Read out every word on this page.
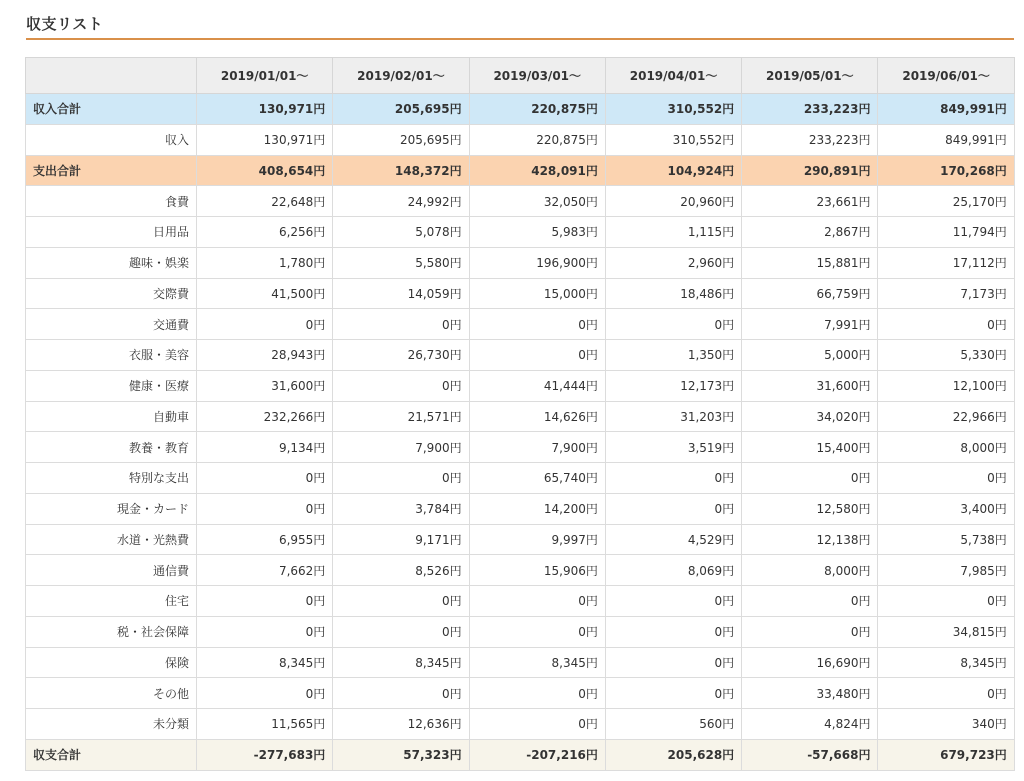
収支リスト
	2019/01/01〜	2019/02/01〜	2019/03/01〜	2019/04/01〜	2019/05/01〜	2019/06/01〜
収入合計	130,971円	205,695円	220,875円	310,552円	233,223円	849,991円
収入	130,971円	205,695円	220,875円	310,552円	233,223円	849,991円
支出合計	408,654円	148,372円	428,091円	104,924円	290,891円	170,268円
食費	22,648円	24,992円	32,050円	20,960円	23,661円	25,170円
日用品	6,256円	5,078円	5,983円	1,115円	2,867円	11,794円
趣味・娯楽	1,780円	5,580円	196,900円	2,960円	15,881円	17,112円
交際費	41,500円	14,059円	15,000円	18,486円	66,759円	7,173円
交通費	0円	0円	0円	0円	7,991円	0円
衣服・美容	28,943円	26,730円	0円	1,350円	5,000円	5,330円
健康・医療	31,600円	0円	41,444円	12,173円	31,600円	12,100円
自動車	232,266円	21,571円	14,626円	31,203円	34,020円	22,966円
教養・教育	9,134円	7,900円	7,900円	3,519円	15,400円	8,000円
特別な支出	0円	0円	65,740円	0円	0円	0円
現金・カード	0円	3,784円	14,200円	0円	12,580円	3,400円
水道・光熱費	6,955円	9,171円	9,997円	4,529円	12,138円	5,738円
通信費	7,662円	8,526円	15,906円	8,069円	8,000円	7,985円
住宅	0円	0円	0円	0円	0円	0円
税・社会保障	0円	0円	0円	0円	0円	34,815円
保険	8,345円	8,345円	8,345円	0円	16,690円	8,345円
その他	0円	0円	0円	0円	33,480円	0円
未分類	11,565円	12,636円	0円	560円	4,824円	340円
収支合計	-277,683円	57,323円	-207,216円	205,628円	-57,668円	679,723円
